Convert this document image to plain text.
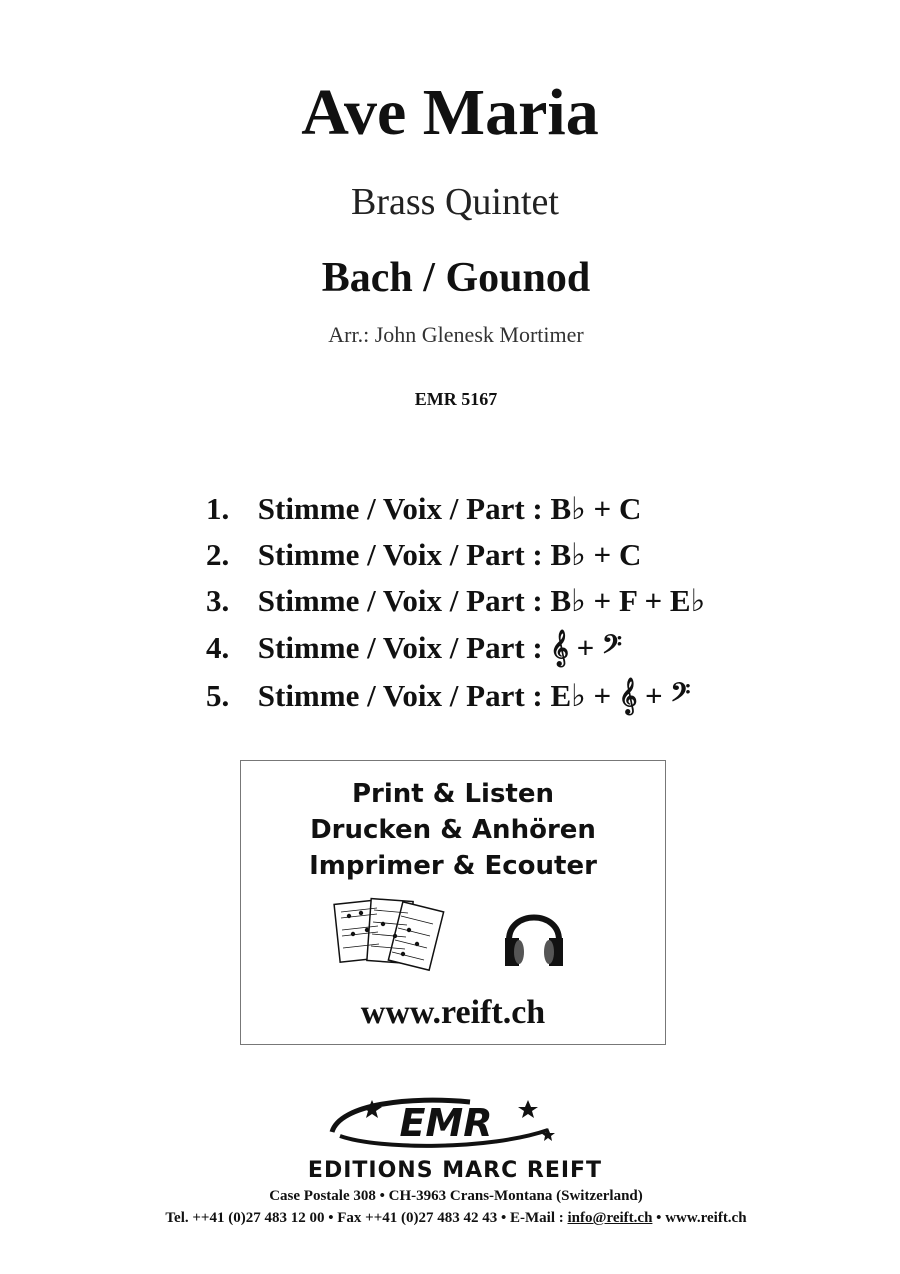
Ave Maria
Brass Quintet
Bach / Gounod
Arr.: John Glenesk Mortimer
EMR 5167
1. Stimme / Voix / Part : B♭ + C
2. Stimme / Voix / Part : B♭ + C
3. Stimme / Voix / Part : B♭ + F + E♭
4. Stimme / Voix / Part : 𝄞 + 𝄢
5. Stimme / Voix / Part : E♭ + 𝄞 + 𝄢
Print & Listen
Drucken & Anhören
Imprimer & Ecouter
www.reift.ch
EMR
EDITIONS MARC REIFT
Case Postale 308 • CH-3963 Crans-Montana (Switzerland)
Tel. ++41 (0)27 483 12 00 • Fax ++41 (0)27 483 42 43 • E-Mail : info@reift.ch • www.reift.ch
